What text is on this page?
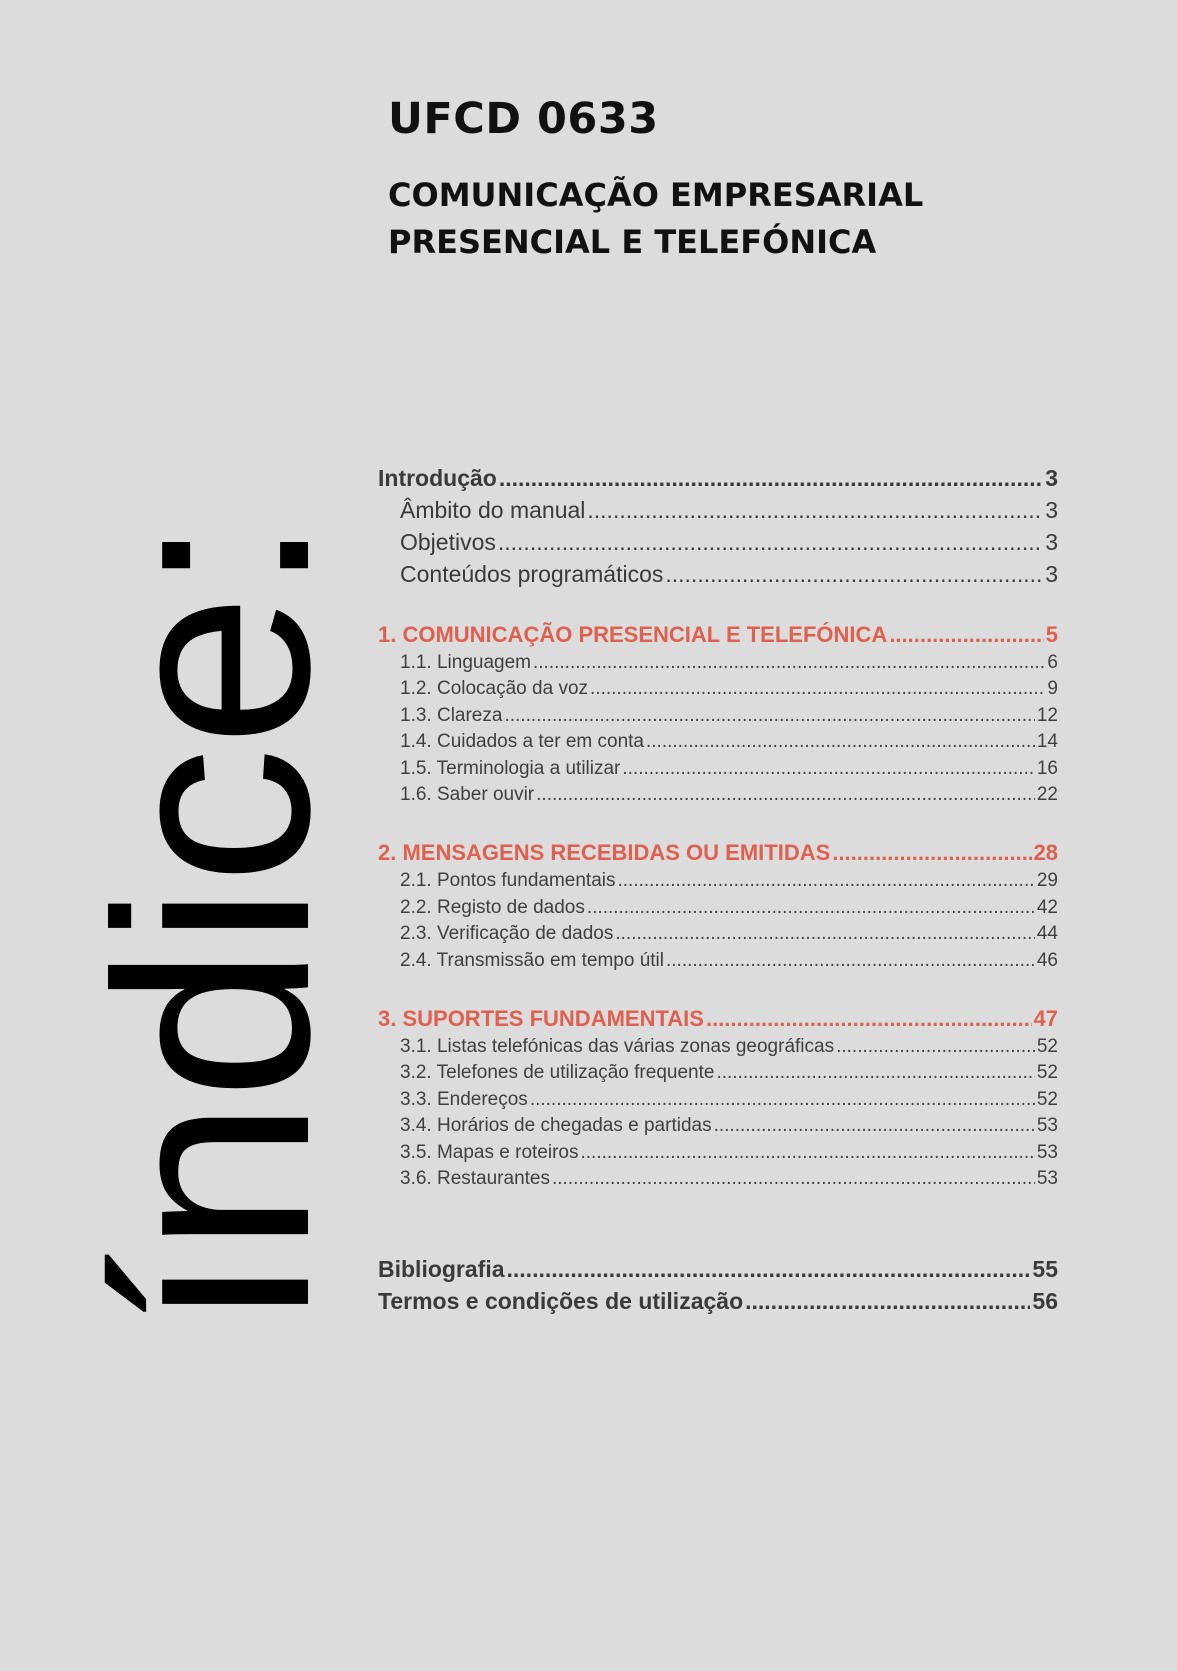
UFCD 0633
COMUNICAÇÃO EMPRESARIAL
PRESENCIAL E TELEFÓNICA
índice:
Introdução .....	3
Âmbito do manual .....	3
Objetivos .....	3
Conteúdos programáticos .....	3
1. COMUNICAÇÃO PRESENCIAL E TELEFÓNICA .....	5
1.1. Linguagem .....	6
1.2. Colocação da voz .....	9
1.3. Clareza .....	12
1.4. Cuidados a ter em conta .....	14
1.5. Terminologia a utilizar .....	16
1.6. Saber ouvir .....	22
2. MENSAGENS RECEBIDAS OU EMITIDAS .....	28
2.1. Pontos fundamentais .....	29
2.2. Registo de dados .....	42
2.3. Verificação de dados .....	44
2.4. Transmissão em tempo útil .....	46
3. SUPORTES FUNDAMENTAIS .....	47
3.1. Listas telefónicas das várias zonas geográficas .....	52
3.2. Telefones de utilização frequente .....	52
3.3. Endereços .....	52
3.4. Horários de chegadas e partidas .....	53
3.5. Mapas e roteiros .....	53
3.6. Restaurantes .....	53
Bibliografia .....	55
Termos e condições de utilização .....	56
